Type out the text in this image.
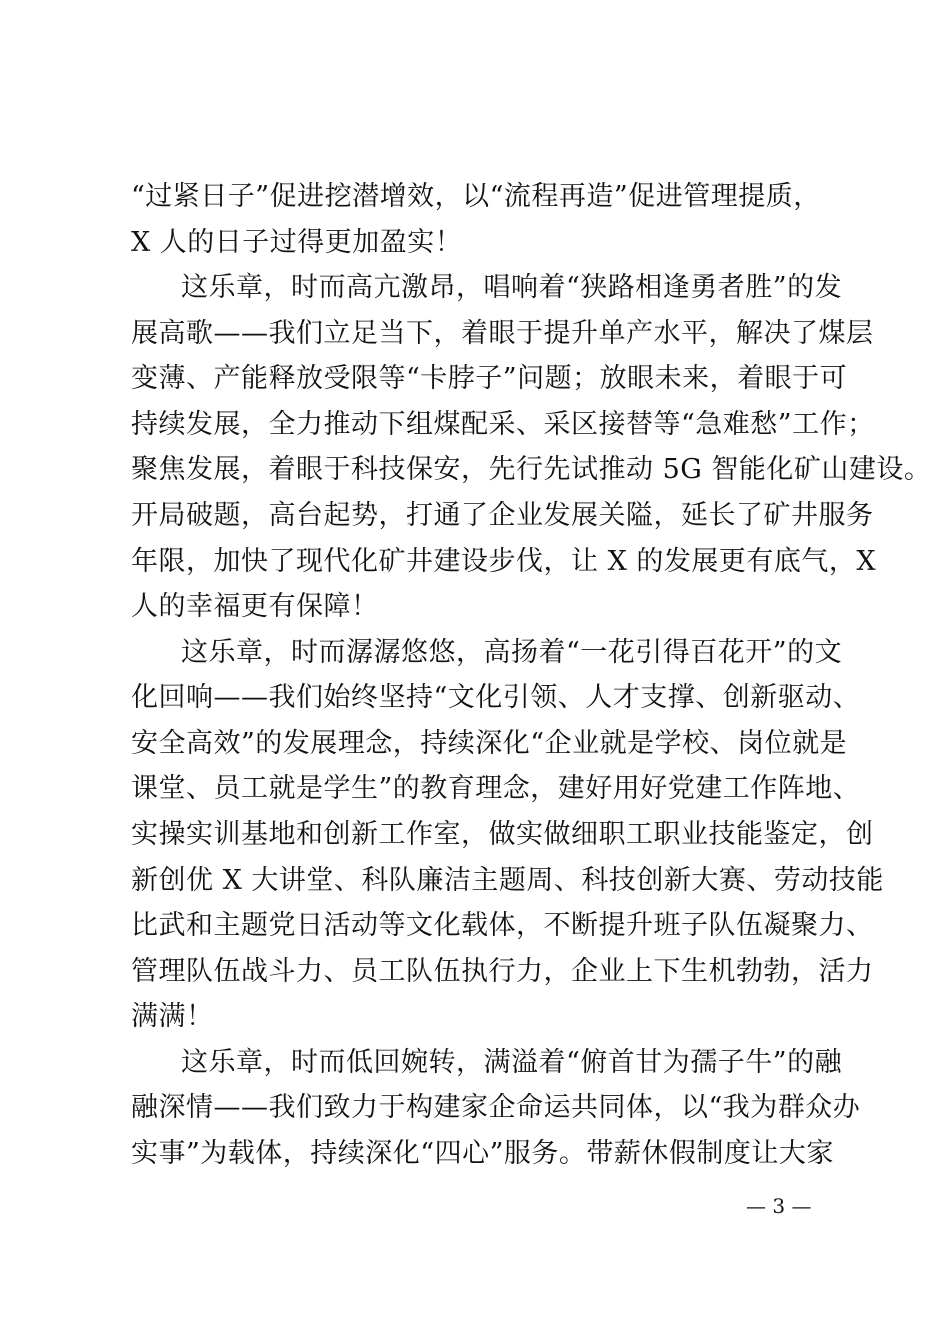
“过紧日子”促进挖潜增效，以“流程再造”促进管理提质，
X 人的日子过得更加盈实！
这乐章，时而高亢激昂，唱响着“狭路相逢勇者胜”的发
展高歌——我们立足当下，着眼于提升单产水平，解决了煤层
变薄、产能释放受限等“卡脖子”问题；放眼未来，着眼于可
持续发展，全力推动下组煤配采、采区接替等“急难愁”工作；
聚焦发展，着眼于科技保安，先行先试推动 5G 智能化矿山建设。
开局破题，高台起势，打通了企业发展关隘，延长了矿井服务
年限，加快了现代化矿井建设步伐，让 X 的发展更有底气，X
人的幸福更有保障！
这乐章，时而潺潺悠悠，高扬着“一花引得百花开”的文
化回响——我们始终坚持“文化引领、人才支撑、创新驱动、
安全高效”的发展理念，持续深化“企业就是学校、岗位就是
课堂、员工就是学生”的教育理念，建好用好党建工作阵地、
实操实训基地和创新工作室，做实做细职工职业技能鉴定，创
新创优 X 大讲堂、科队廉洁主题周、科技创新大赛、劳动技能
比武和主题党日活动等文化载体，不断提升班子队伍凝聚力、
管理队伍战斗力、员工队伍执行力，企业上下生机勃勃，活力
满满！
这乐章，时而低回婉转，满溢着“俯首甘为孺子牛”的融
融深情——我们致力于构建家企命运共同体，以“我为群众办
实事”为载体，持续深化“四心”服务。带薪休假制度让大家
— 3 —
